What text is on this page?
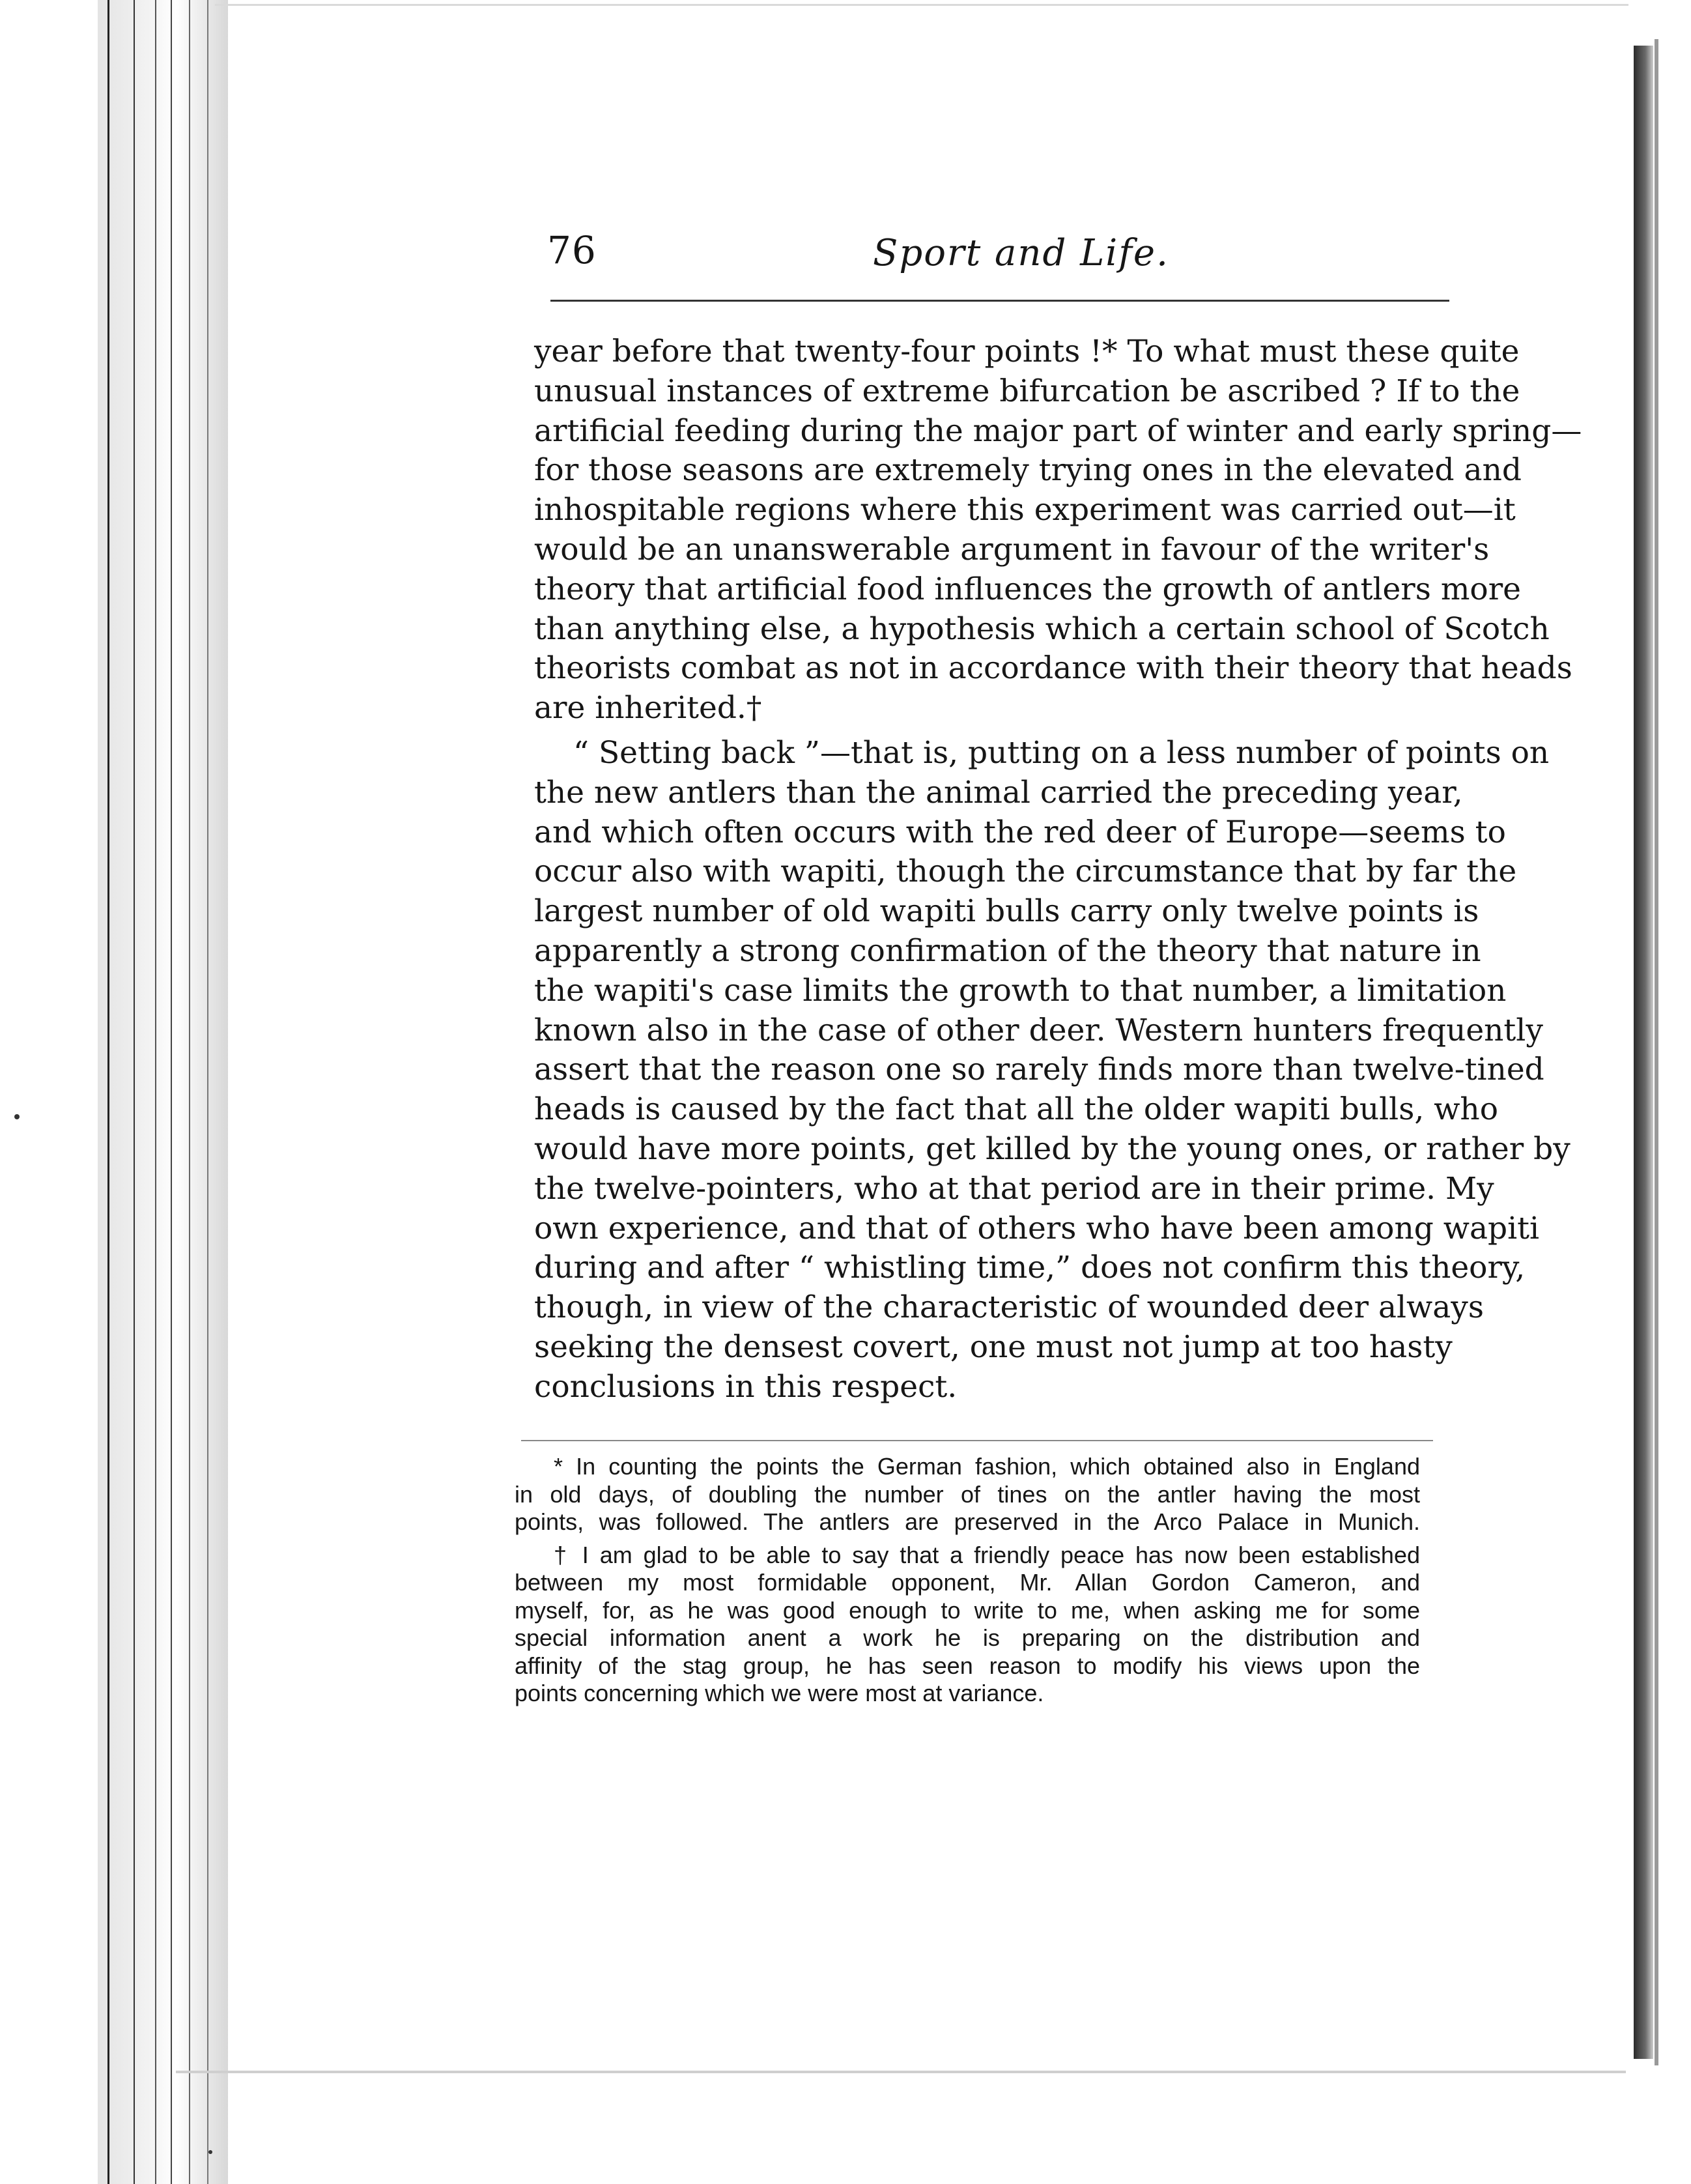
76	Sport and Life.
year before that twenty-four points !* To what must these quite
unusual instances of extreme bifurcation be ascribed ? If to the
artificial feeding during the major part of winter and early spring—
for those seasons are extremely trying ones in the elevated and
inhospitable regions where this experiment was carried out—it
would be an unanswerable argument in favour of the writer's
theory that artificial food influences the growth of antlers more
than anything else, a hypothesis which a certain school of Scotch
theorists combat as not in accordance with their theory that heads
are inherited.†
“ Setting back ”—that is, putting on a less number of points on
the new antlers than the animal carried the preceding year,
and which often occurs with the red deer of Europe—seems to
occur also with wapiti, though the circumstance that by far the
largest number of old wapiti bulls carry only twelve points is
apparently a strong confirmation of the theory that nature in
the wapiti's case limits the growth to that number, a limitation
known also in the case of other deer. Western hunters frequently
assert that the reason one so rarely finds more than twelve-tined
heads is caused by the fact that all the older wapiti bulls, who
would have more points, get killed by the young ones, or rather by
the twelve-pointers, who at that period are in their prime. My
own experience, and that of others who have been among wapiti
during and after “ whistling time,” does not confirm this theory,
though, in view of the characteristic of wounded deer always
seeking the densest covert, one must not jump at too hasty
conclusions in this respect.
* In counting the points the German fashion, which obtained also in England
in old days, of doubling the number of tines on the antler having the most
points, was followed. The antlers are preserved in the Arco Palace in Munich.
† I am glad to be able to say that a friendly peace has now been established
between my most formidable opponent, Mr. Allan Gordon Cameron, and
myself, for, as he was good enough to write to me, when asking me for some
special information anent a work he is preparing on the distribution and
affinity of the stag group, he has seen reason to modify his views upon the
points concerning which we were most at variance.
